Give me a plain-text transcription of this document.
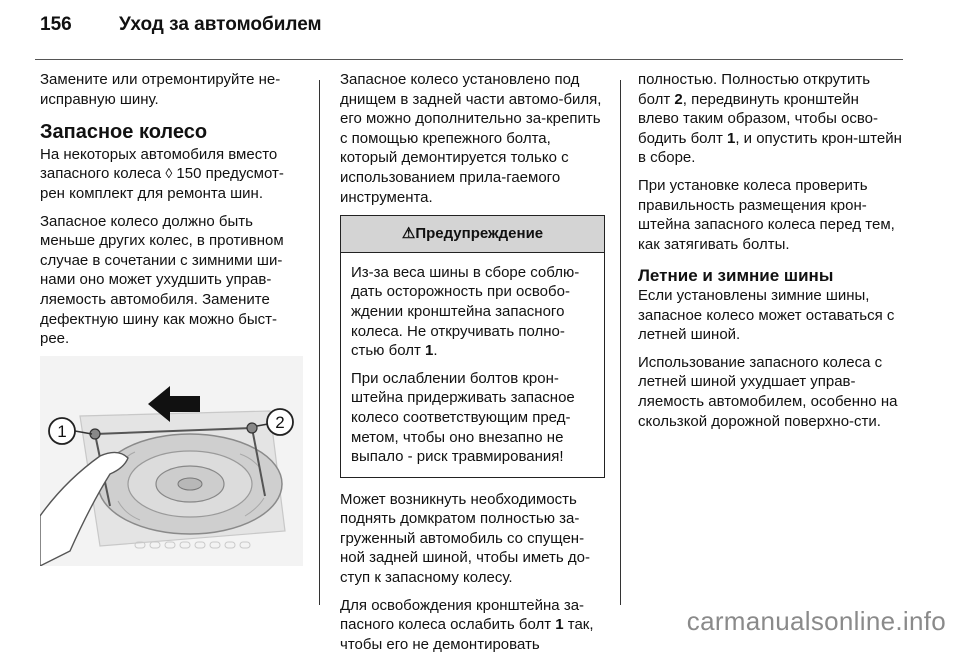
156	Уход за автомобилем

Замените или отремонтируйте не-исправную шину.

Запасное колесо

На некоторых автомобиля вместо запасного колеса ◊ 150 предусмот-рен комплект для ремонта шин.

Запасное колесо должно быть меньше других колес, в противном случае в сочетании с зимними ши-нами оно может ухудшить управ-ляемость автомобиля. Замените дефектную шину как можно быст-рее.

1	2

Запасное колесо установлено под днищем в задней части автомо-биля, его можно дополнительно за-крепить с помощью крепежного болта, который демонтируется только с использованием прила-гаемого инструмента.

⚠Предупреждение

Из-за веса шины в сборе соблю-дать осторожность при освобо-ждении кронштейна запасного колеса. Не откручивать полно-стью болт 1.

При ослаблении болтов крон-штейна придерживать запасное колесо соответствующим пред-метом, чтобы оно внезапно не выпало - риск травмирования!

Может возникнуть необходимость поднять домкратом полностью за-груженный автомобиль со спущен-ной задней шиной, чтобы иметь до-ступ к запасному колесу.

Для освобождения кронштейна за-пасного колеса ослабить болт 1 так, чтобы его не демонтировать

полностью. Полностью открутить болт 2, передвинуть кронштейн влево таким образом, чтобы осво-бодить болт 1, и опустить крон-штейн в сборе.

При установке колеса проверить правильность размещения крон-штейна запасного колеса перед тем, как затягивать болты.

Летние и зимние шины

Если установлены зимние шины, запасное колесо может оставаться с летней шиной.

Использование запасного колеса с летней шиной ухудшает управ-ляемость автомобилем, особенно на скользкой дорожной поверхно-сти.

carmanualsonline.info
